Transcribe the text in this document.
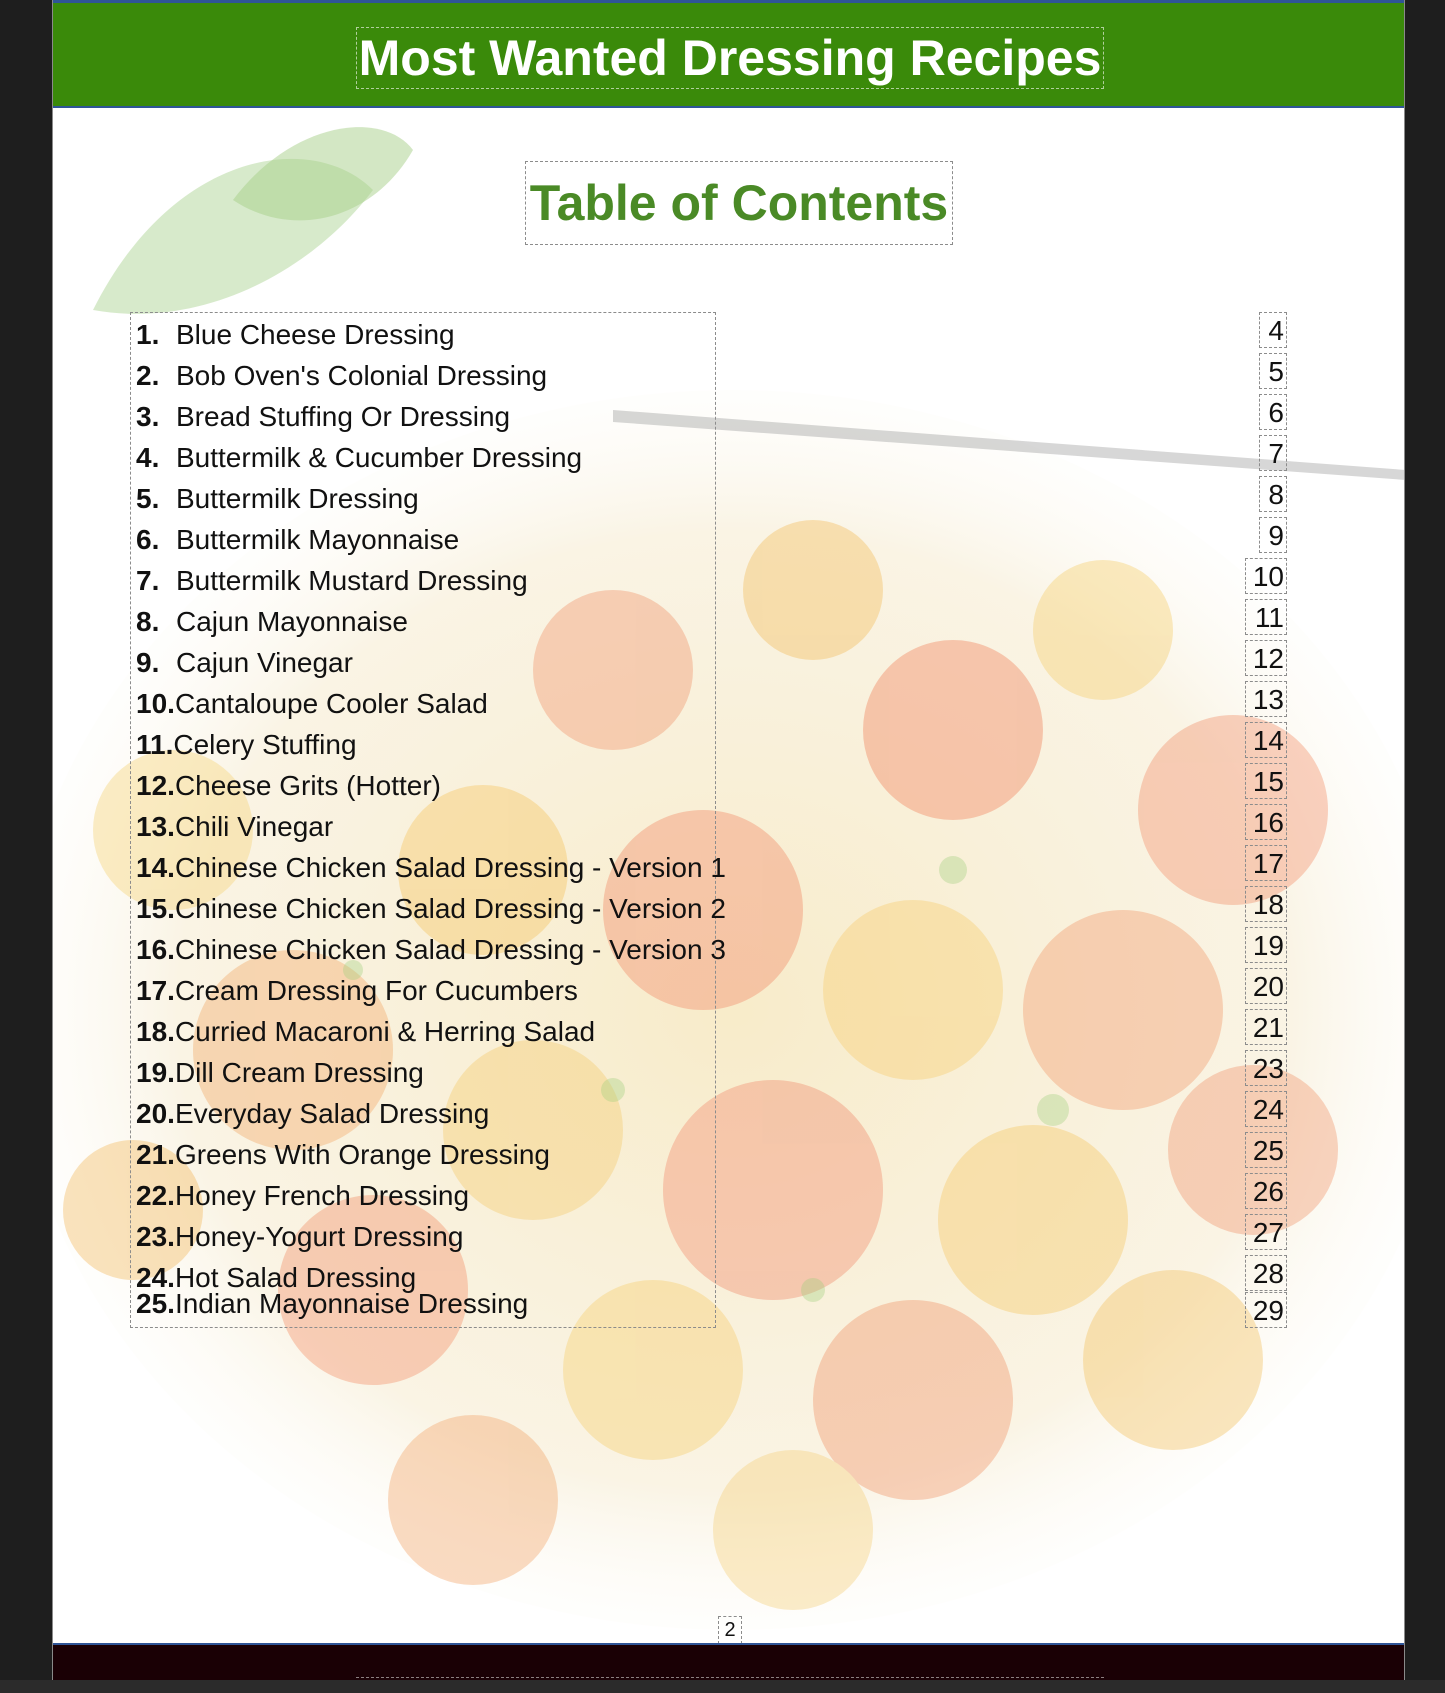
Most Wanted Dressing Recipes
Table of Contents
1. Blue Cheese Dressing
2. Bob Oven's Colonial Dressing
3. Bread Stuffing Or Dressing
4. Buttermilk & Cucumber Dressing
5. Buttermilk Dressing
6. Buttermilk Mayonnaise
7. Buttermilk Mustard Dressing
8. Cajun Mayonnaise
9. Cajun Vinegar
10.Cantaloupe Cooler Salad
11.Celery Stuffing
12.Cheese Grits (Hotter)
13.Chili Vinegar
14.Chinese Chicken Salad Dressing - Version 1
15.Chinese Chicken Salad Dressing - Version 2
16.Chinese Chicken Salad Dressing - Version 3
17.Cream Dressing For Cucumbers
18.Curried Macaroni & Herring Salad
19.Dill Cream Dressing
20.Everyday Salad Dressing
21.Greens With Orange Dressing
22.Honey French Dressing
23.Honey-Yogurt Dressing
24.Hot Salad Dressing
25.Indian Mayonnaise Dressing
4
5
6
7
8
9
10
11
12
13
14
15
16
17
18
19
20
21
23
24
25
26
27
28
29
2
